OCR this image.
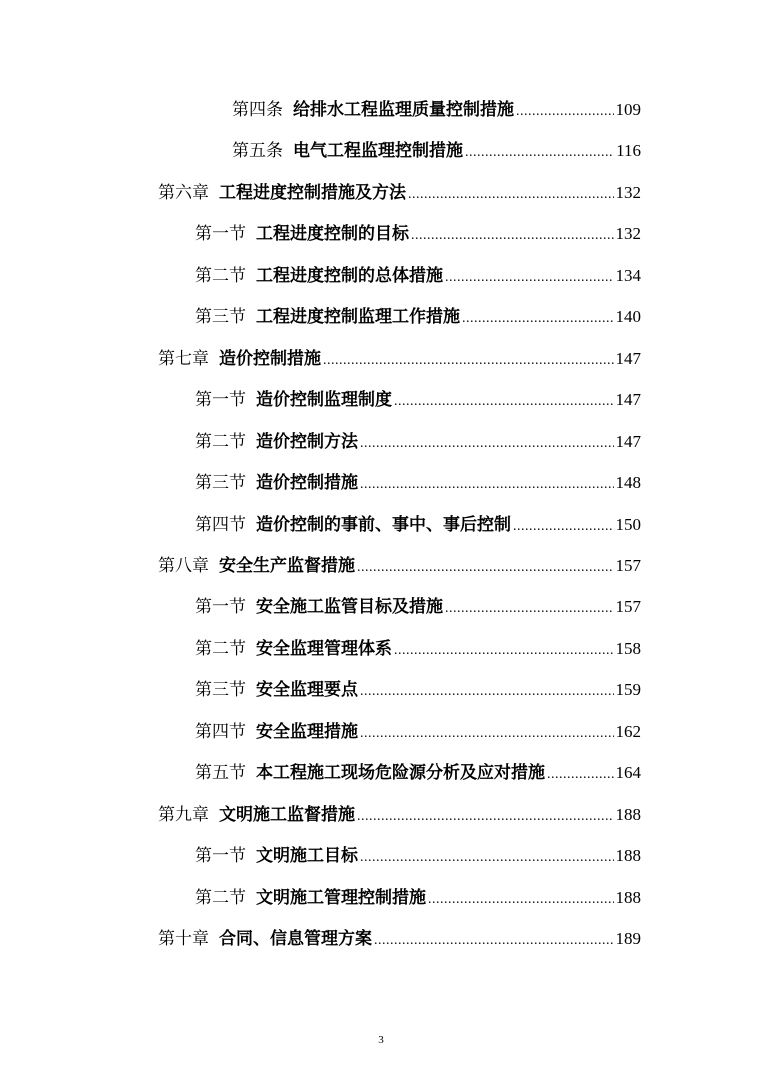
第四条 给排水工程监理质量控制措施 .....	109
第五条 电气工程监理控制措施 .....	116
第六章 工程进度控制措施及方法 .....	132
第一节 工程进度控制的目标 .....	132
第二节 工程进度控制的总体措施 .....	134
第三节 工程进度控制监理工作措施 .....	140
第七章 造价控制措施 .....	147
第一节 造价控制监理制度 .....	147
第二节 造价控制方法 .....	147
第三节 造价控制措施 .....	148
第四节 造价控制的事前、事中、事后控制 .....	150
第八章 安全生产监督措施 .....	157
第一节 安全施工监管目标及措施 .....	157
第二节 安全监理管理体系 .....	158
第三节 安全监理要点 .....	159
第四节 安全监理措施 .....	162
第五节 本工程施工现场危险源分析及应对措施 .....	164
第九章 文明施工监督措施 .....	188
第一节 文明施工目标 .....	188
第二节 文明施工管理控制措施 .....	188
第十章 合同、信息管理方案 .....	189
3
